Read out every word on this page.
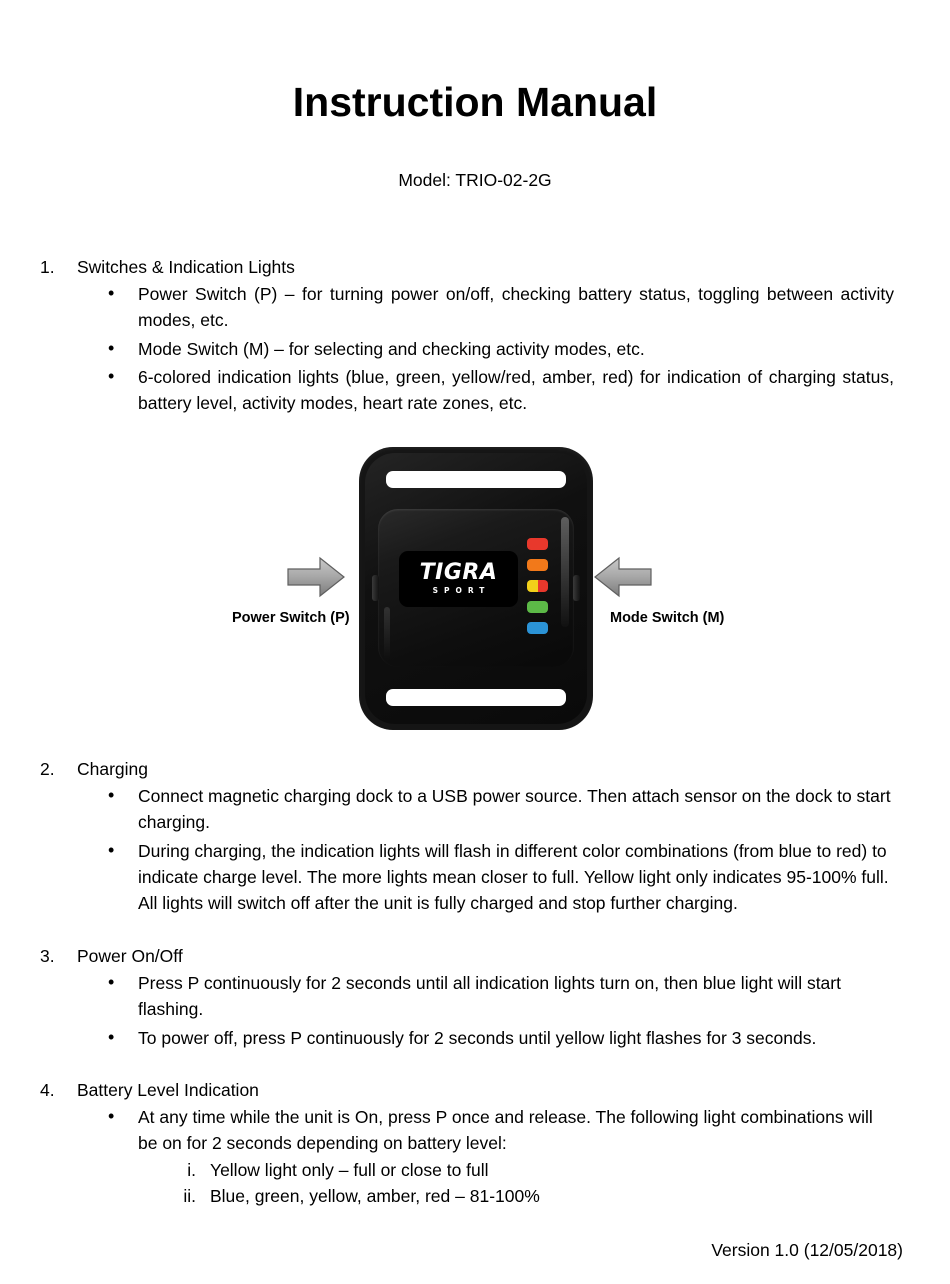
Instruction Manual
Model: TRIO-02-2G
1. Switches & Indication Lights
• Power Switch (P) – for turning power on/off, checking battery status, toggling between activity modes, etc.
• Mode Switch (M) – for selecting and checking activity modes, etc.
• 6-colored indication lights (blue, green, yellow/red, amber, red) for indication of charging status, battery level, activity modes, heart rate zones, etc.
TIGRA
SPORT
Power Switch (P)	Mode Switch (M)
2. Charging
• Connect magnetic charging dock to a USB power source. Then attach sensor on the dock to start charging.
• During charging, the indication lights will flash in different color combinations (from blue to red) to indicate charge level. The more lights mean closer to full. Yellow light only indicates 95-100% full. All lights will switch off after the unit is fully charged and stop further charging.
3. Power On/Off
• Press P continuously for 2 seconds until all indication lights turn on, then blue light will start flashing.
• To power off, press P continuously for 2 seconds until yellow light flashes for 3 seconds.
4. Battery Level Indication
• At any time while the unit is On, press P once and release. The following light combinations will be on for 2 seconds depending on battery level:
i. Yellow light only – full or close to full
ii. Blue, green, yellow, amber, red – 81-100%
Version 1.0 (12/05/2018)
